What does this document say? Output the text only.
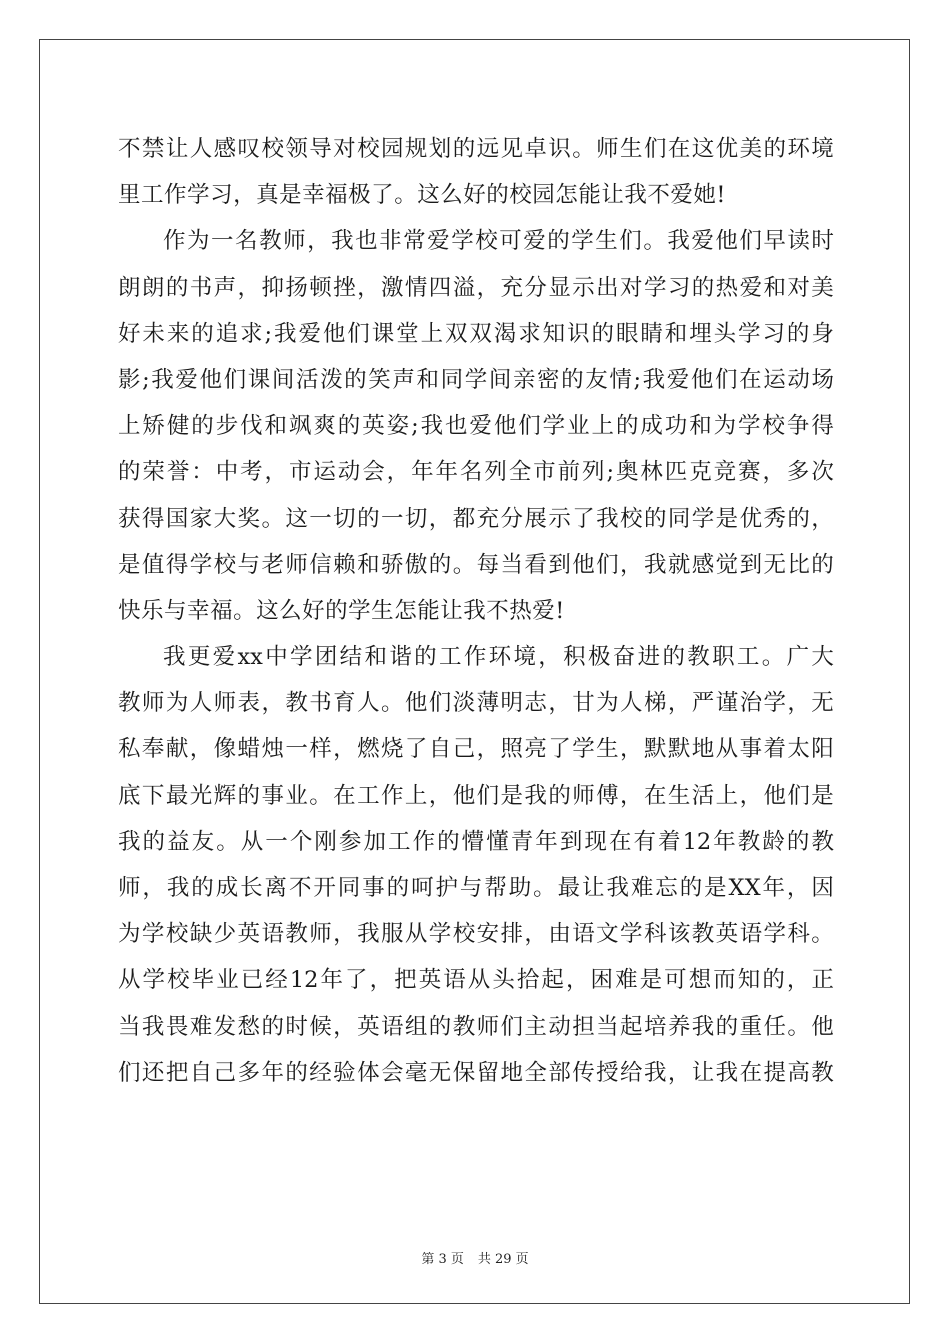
不 禁 让 人 感 叹 校 领 导 对 校 园 规 划 的 远 见 卓 识 。 师 生 们 在 这 优 美 的 环 境
里 工 作 学 习 ， 真 是 幸 福 极 了 。 这 么 好 的 校 园 怎 能 让 我 不 爱 她 !
作 为 一 名 教 师 ， 我 也 非 常 爱 学 校 可 爱 的 学 生 们 。 我 爱 他 们 早 读 时
朗 朗 的 书 声 ， 抑 扬 顿 挫 ， 激 情 四 溢 ， 充 分 显 示 出 对 学 习 的 热 爱 和 对 美
好 未 来 的 追 求 ; 我 爱 他 们 课 堂 上 双 双 渴 求 知 识 的 眼 睛 和 埋 头 学 习 的 身
影 ; 我 爱 他 们 课 间 活 泼 的 笑 声 和 同 学 间 亲 密 的 友 情 ; 我 爱 他 们 在 运 动 场
上 矫 健 的 步 伐 和 飒 爽 的 英 姿 ; 我 也 爱 他 们 学 业 上 的 成 功 和 为 学 校 争 得
的 荣 誉 ： 中 考 ， 市 运 动 会 ， 年 年 名 列 全 市 前 列 ; 奥 林 匹 克 竞 赛 ， 多 次
获 得 国 家 大 奖 。 这 一 切 的 一 切 ， 都 充 分 展 示 了 我 校 的 同 学 是 优 秀 的 ，
是 值 得 学 校 与 老 师 信 赖 和 骄 傲 的 。 每 当 看 到 他 们 ， 我 就 感 觉 到 无 比 的
快 乐 与 幸 福 。 这 么 好 的 学 生 怎 能 让 我 不 热 爱 !
我 更 爱 xx 中 学 团 结 和 谐 的 工 作 环 境 ， 积 极 奋 进 的 教 职 工 。 广 大
教 师 为 人 师 表 ， 教 书 育 人 。 他 们 淡 薄 明 志 ， 甘 为 人 梯 ， 严 谨 治 学 ， 无
私 奉 献 ， 像 蜡 烛 一 样 ， 燃 烧 了 自 己 ， 照 亮 了 学 生 ， 默 默 地 从 事 着 太 阳
底 下 最 光 辉 的 事 业 。 在 工 作 上 ， 他 们 是 我 的 师 傅 ， 在 生 活 上 ， 他 们 是
我 的 益 友 。 从 一 个 刚 参 加 工 作 的 懵 懂 青 年 到 现 在 有 着 12 年 教 龄 的 教
师 ， 我 的 成 长 离 不 开 同 事 的 呵 护 与 帮 助 。 最 让 我 难 忘 的 是 XX 年 ， 因
为 学 校 缺 少 英 语 教 师 ， 我 服 从 学 校 安 排 ， 由 语 文 学 科 该 教 英 语 学 科 。
从 学 校 毕 业 已 经 12 年 了 ， 把 英 语 从 头 拾 起 ， 困 难 是 可 想 而 知 的 ， 正
当 我 畏 难 发 愁 的 时 候 ， 英 语 组 的 教 师 们 主 动 担 当 起 培 养 我 的 重 任 。 他
们 还 把 自 己 多 年 的 经 验 体 会 毫 无 保 留 地 全 部 传 授 给 我 ， 让 我 在 提 高 教
第 3 页 共 29 页
